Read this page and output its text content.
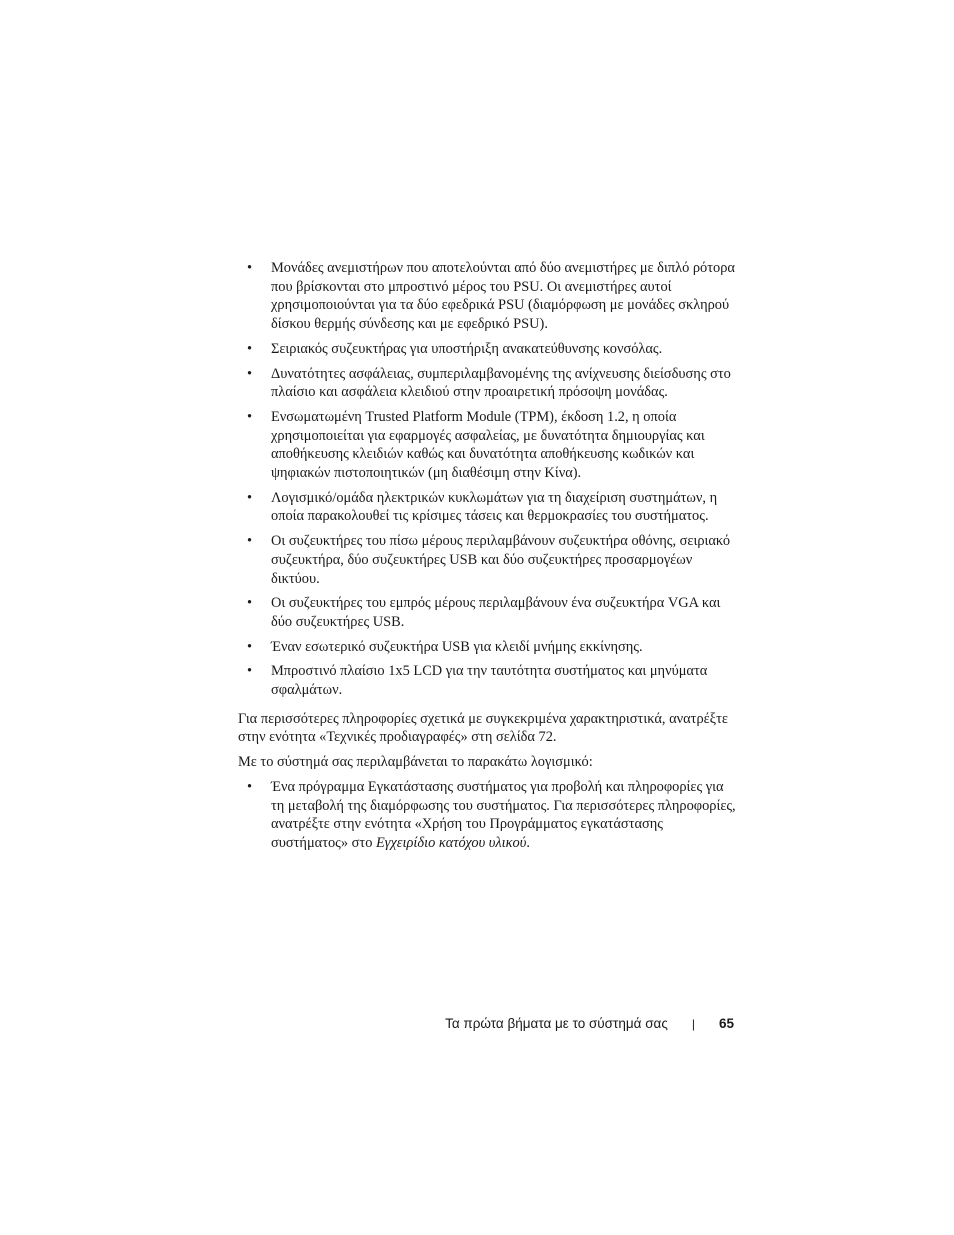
• Μονάδες ανεμιστήρων που αποτελούνται από δύο ανεμιστήρες με διπλό ρότορα που βρίσκονται στο μπροστινό μέρος του PSU. Οι ανεμιστήρες αυτοί χρησιμοποιούνται για τα δύο εφεδρικά PSU (διαμόρφωση με μονάδες σκληρού δίσκου θερμής σύνδεσης και με εφεδρικό PSU).
• Σειριακός συζευκτήρας για υποστήριξη ανακατεύθυνσης κονσόλας.
• Δυνατότητες ασφάλειας, συμπεριλαμβανομένης της ανίχνευσης διείσδυσης στο πλαίσιο και ασφάλεια κλειδιού στην προαιρετική πρόσοψη μονάδας.
• Ενσωματωμένη Trusted Platform Module (TPM), έκδοση 1.2, η οποία χρησιμοποιείται για εφαρμογές ασφαλείας, με δυνατότητα δημιουργίας και αποθήκευσης κλειδιών καθώς και δυνατότητα αποθήκευσης κωδικών και ψηφιακών πιστοποιητικών (μη διαθέσιμη στην Κίνα).
• Λογισμικό/ομάδα ηλεκτρικών κυκλωμάτων για τη διαχείριση συστημάτων, η οποία παρακολουθεί τις κρίσιμες τάσεις και θερμοκρασίες του συστήματος.
• Οι συζευκτήρες του πίσω μέρους περιλαμβάνουν συζευκτήρα οθόνης, σειριακό συζευκτήρα, δύο συζευκτήρες USB και δύο συζευκτήρες προσαρμογέων δικτύου.
• Οι συζευκτήρες του εμπρός μέρους περιλαμβάνουν ένα συζευκτήρα VGA και δύο συζευκτήρες USB.
• Έναν εσωτερικό συζευκτήρα USB για κλειδί μνήμης εκκίνησης.
• Μπροστινό πλαίσιο 1x5 LCD για την ταυτότητα συστήματος και μηνύματα σφαλμάτων.

Για περισσότερες πληροφορίες σχετικά με συγκεκριμένα χαρακτηριστικά, ανατρέξτε στην ενότητα «Τεχνικές προδιαγραφές» στη σελίδα 72.

Με το σύστημά σας περιλαμβάνεται το παρακάτω λογισμικό:

• Ένα πρόγραμμα Εγκατάστασης συστήματος για προβολή και πληροφορίες για τη μεταβολή της διαμόρφωσης του συστήματος. Για περισσότερες πληροφορίες, ανατρέξτε στην ενότητα «Χρήση του Προγράμματος εγκατάστασης συστήματος» στο Εγχειρίδιο κατόχου υλικού.
Τα πρώτα βήματα με το σύστημά σας | 65
